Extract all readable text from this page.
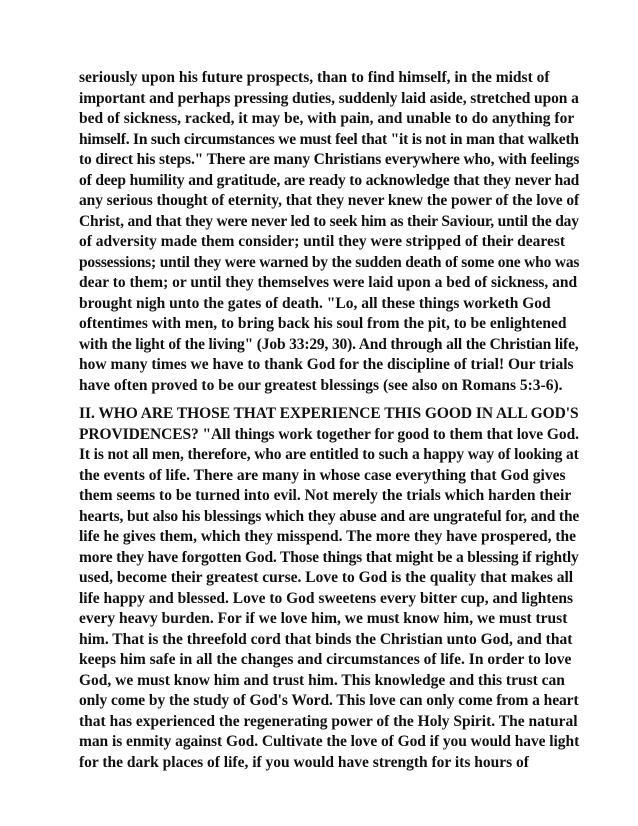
seriously upon his future prospects, than to find himself, in the midst of
important and perhaps pressing duties, suddenly laid aside, stretched upon a
bed of sickness, racked, it may be, with pain, and unable to do anything for
himself. In such circumstances we must feel that "it is not in man that walketh
to direct his steps." There are many Christians everywhere who, with feelings
of deep humility and gratitude, are ready to acknowledge that they never had
any serious thought of eternity, that they never knew the power of the love of
Christ, and that they were never led to seek him as their Saviour, until the day
of adversity made them consider; until they were stripped of their dearest
possessions; until they were warned by the sudden death of some one who was
dear to them; or until they themselves were laid upon a bed of sickness, and
brought nigh unto the gates of death. "Lo, all these things worketh God
oftentimes with men, to bring back his soul from the pit, to be enlightened
with the light of the living" (Job 33:29, 30). And through all the Christian life,
how many times we have to thank God for the discipline of trial! Our trials
have often proved to be our greatest blessings (see also on Romans 5:3-6).
II. WHO ARE THOSE THAT EXPERIENCE THIS GOOD IN ALL GOD'S
PROVIDENCES? "All things work together for good to them that love God.
It is not all men, therefore, who are entitled to such a happy way of looking at
the events of life. There are many in whose case everything that God gives
them seems to be turned into evil. Not merely the trials which harden their
hearts, but also his blessings which they abuse and are ungrateful for, and the
life he gives them, which they misspend. The more they have prospered, the
more they have forgotten God. Those things that might be a blessing if rightly
used, become their greatest curse. Love to God is the quality that makes all
life happy and blessed. Love to God sweetens every bitter cup, and lightens
every heavy burden. For if we love him, we must know him, we must trust
him. That is the threefold cord that binds the Christian unto God, and that
keeps him safe in all the changes and circumstances of life. In order to love
God, we must know him and trust him. This knowledge and this trust can
only come by the study of God's Word. This love can only come from a heart
that has experienced the regenerating power of the Holy Spirit. The natural
man is enmity against God. Cultivate the love of God if you would have light
for the dark places of life, if you would have strength for its hours of
